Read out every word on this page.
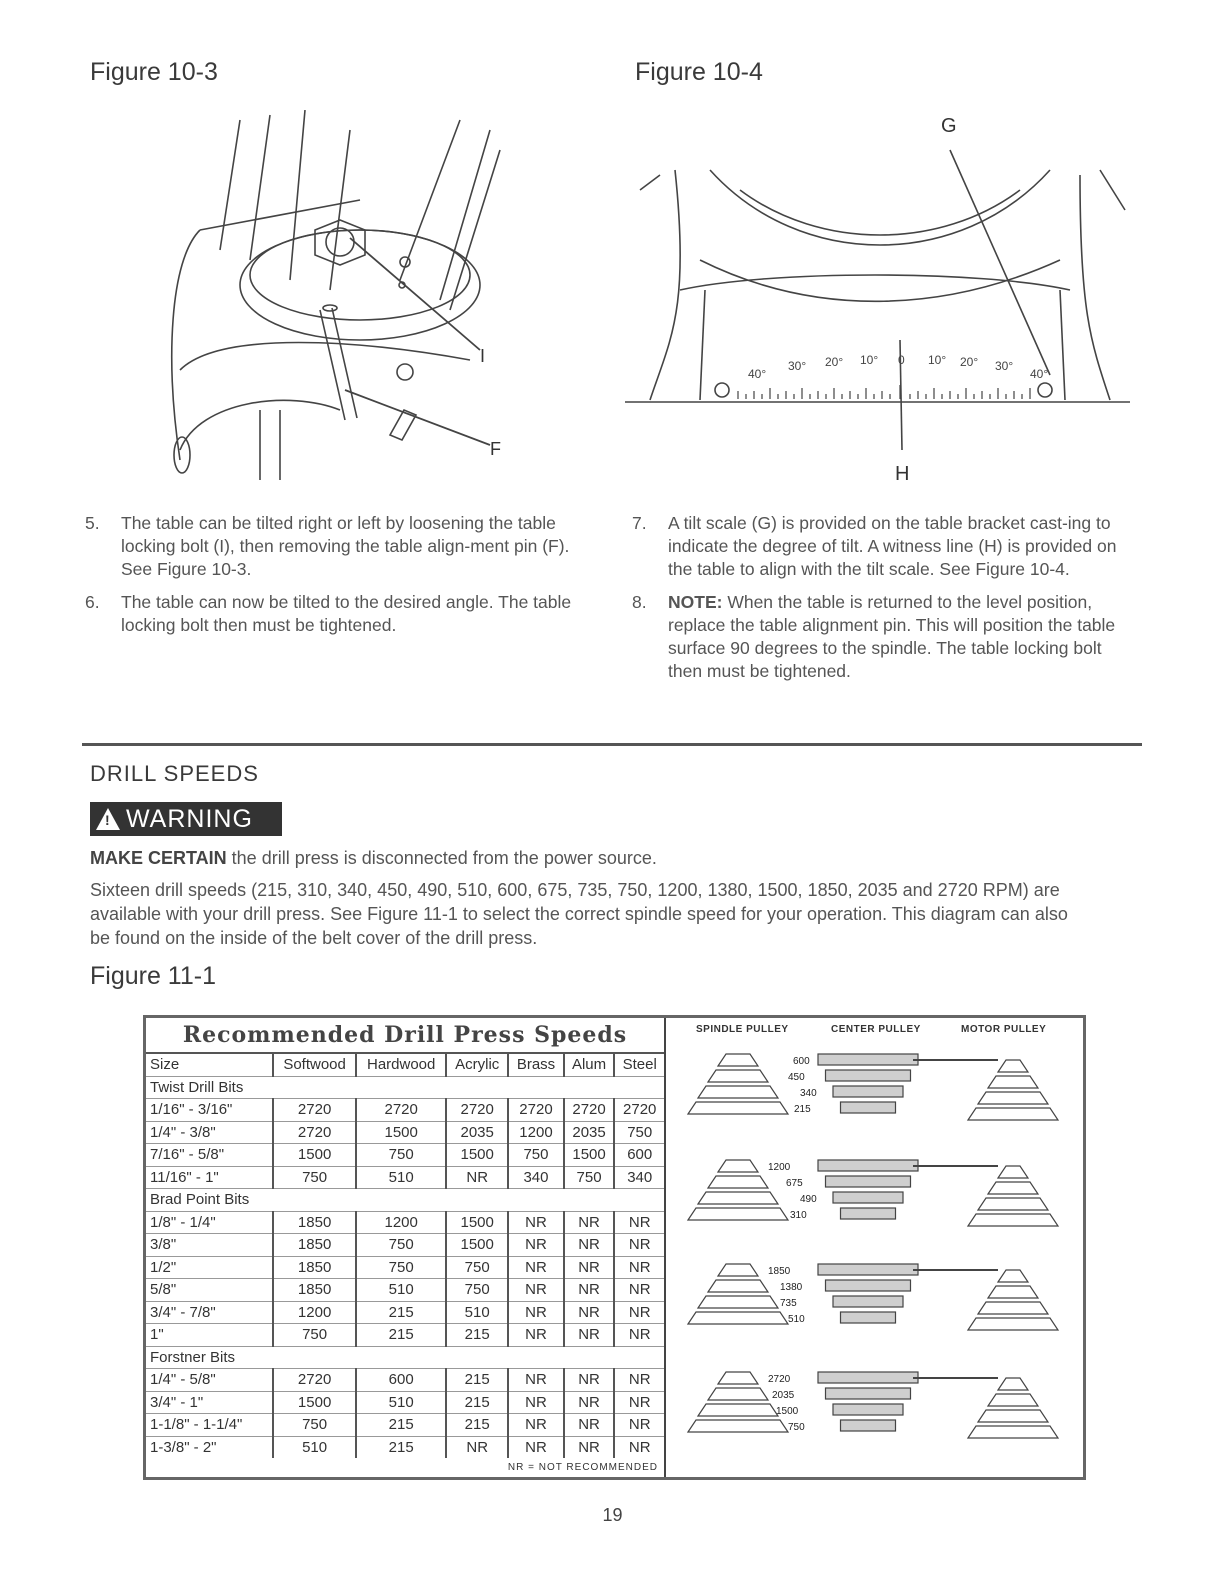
Figure 10-3	Figure 10-4
I
F
40°
30° 20° 10° 0 10° 20° 30°
40°
G
H
5.	The table can be tilted right or left by loosening the table locking bolt (I), then removing the table align-ment pin (F). See Figure 10-3.
6.	The table can now be tilted to the desired angle. The table locking bolt then must be tightened.
7.	A tilt scale (G) is provided on the table bracket cast-ing to indicate the degree of tilt. A witness line (H) is provided on the table to align with the tilt scale. See Figure 10-4.
8.	NOTE: When the table is returned to the level position, replace the table alignment pin. This will position the table surface 90 degrees to the spindle. The table locking bolt then must be tightened.
DRILL SPEEDS
!
WARNING
MAKE CERTAIN the drill press is disconnected from the power source.
Sixteen drill speeds (215, 310, 340, 450, 490, 510, 600, 675, 735, 750, 1200, 1380, 1500, 1850, 2035 and 2720 RPM) are available with your drill press. See Figure 11-1 to select the correct spindle speed for your operation. This diagram can also be found on the inside of the belt cover of the drill press.
Figure 11-1
Recommended Drill Press Speeds
Size	Softwood	Hardwood	Acrylic	Brass	Alum	Steel
Twist Drill Bits						
1/16" - 3/16"	2720	2720	2720	2720	2720	2720
1/4" - 3/8"	2720	1500	2035	1200	2035	750
7/16" - 5/8"	1500	750	1500	750	1500	600
11/16" - 1"	750	510	NR	340	750	340
Brad Point Bits						
1/8" - 1/4"	1850	1200	1500	NR	NR	NR
3/8"	1850	750	1500	NR	NR	NR
1/2"	1850	750	750	NR	NR	NR
5/8"	1850	510	750	NR	NR	NR
3/4" - 7/8"	1200	215	510	NR	NR	NR
1"	750	215	215	NR	NR	NR
Forstner Bits						
1/4" - 5/8"	2720	600	215	NR	NR	NR
3/4" - 1"	1500	510	215	NR	NR	NR
1-1/8" - 1-1/4"	750	215	215	NR	NR	NR
1-3/8" - 2"	510	215	NR	NR	NR	NR
NR = NOT RECOMMENDED
SPINDLE PULLEY	CENTER PULLEY	MOTOR PULLEY
600
450
340
215
1200
675
490
310
1850
1380
735
510
2720
2035
1500
750
19
